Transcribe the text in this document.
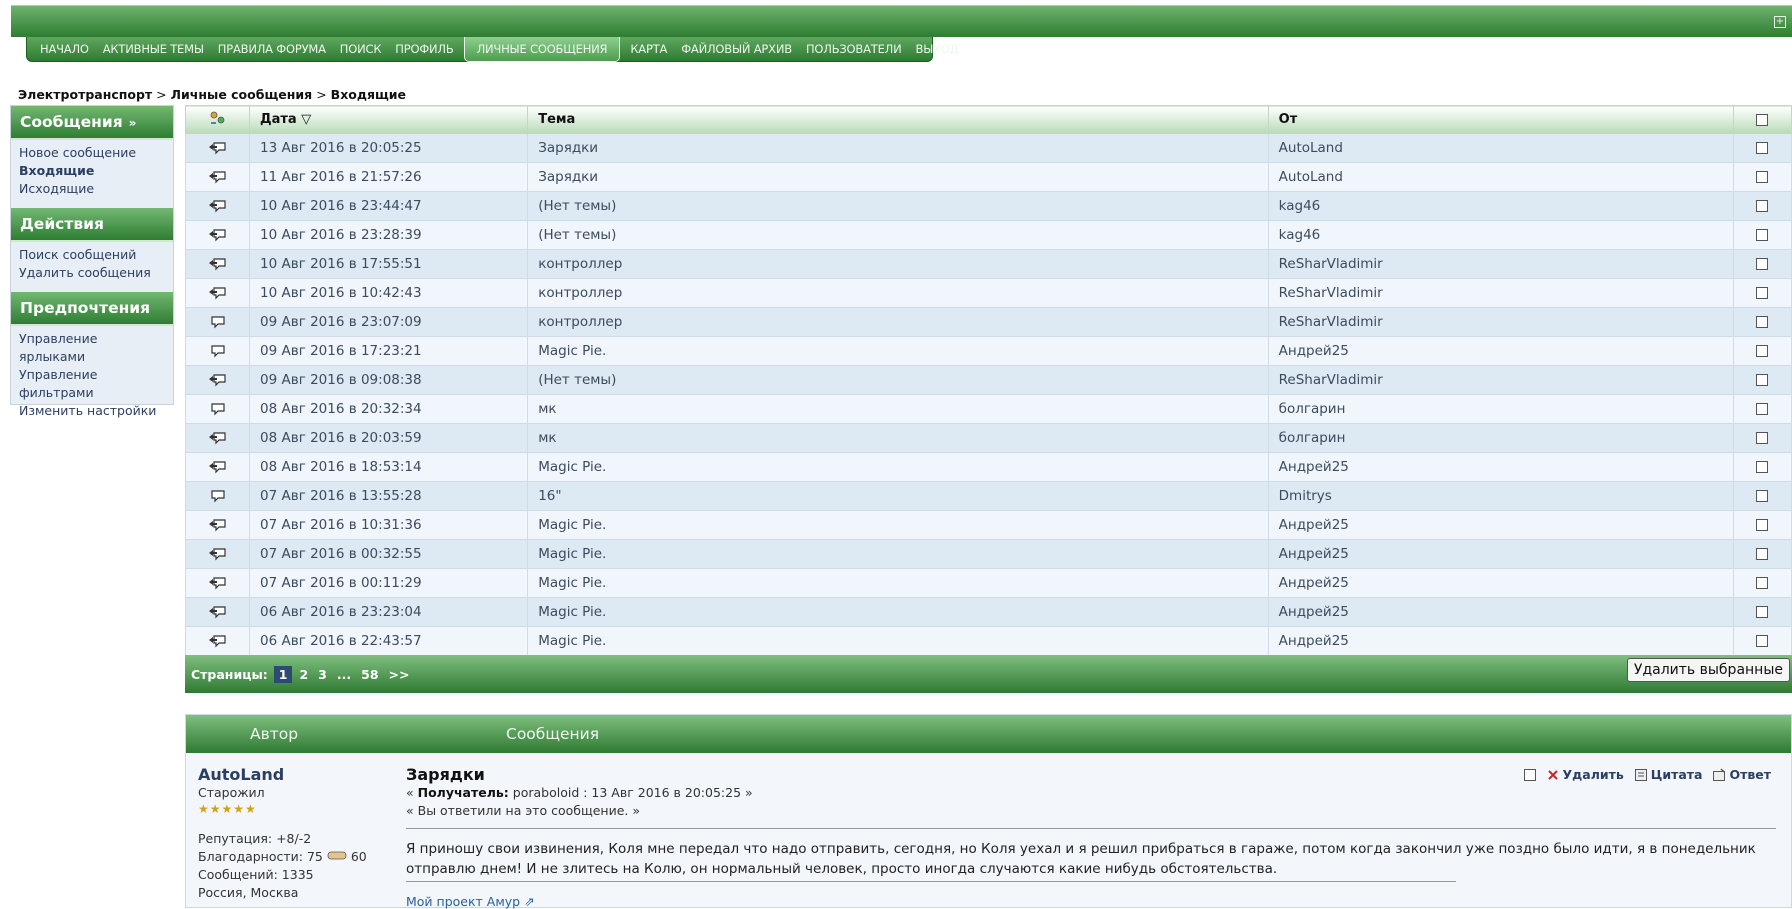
+
НАЧАЛО	АКТИВНЫЕ ТЕМЫ	ПРАВИЛА ФОРУМА	ПОИСК	ПРОФИЛЬ	ЛИЧНЫЕ СООБЩЕНИЯ	КАРТА	ФАЙЛОВЫЙ АРХИВ	ПОЛЬЗОВАТЕЛИ	ВЫХОД
Электротранспорт > Личные сообщения > Входящие
Сообщения »
Новое сообщение
Входящие
Исходящие
Действия
Поиск сообщений
Удалить сообщения
Предпочтения
Управление ярлыками
Управление фильтрами
Изменить настройки
	Дата ▽	Тема	От	
	13 Авг 2016 в 20:05:25	Зарядки	AutoLand	
	11 Авг 2016 в 21:57:26	Зарядки	AutoLand	
	10 Авг 2016 в 23:44:47	(Нет темы)	kag46	
	10 Авг 2016 в 23:28:39	(Нет темы)	kag46	
	10 Авг 2016 в 17:55:51	контроллер	ReSharVladimir	
	10 Авг 2016 в 10:42:43	контроллер	ReSharVladimir	
	09 Авг 2016 в 23:07:09	контроллер	ReSharVladimir	
	09 Авг 2016 в 17:23:21	Magic Pie.	Андрей25	
	09 Авг 2016 в 09:08:38	(Нет темы)	ReSharVladimir	
	08 Авг 2016 в 20:32:34	мк	болгарин	
	08 Авг 2016 в 20:03:59	мк	болгарин	
	08 Авг 2016 в 18:53:14	Magic Pie.	Андрей25	
	07 Авг 2016 в 13:55:28	16"	Dmitrys	
	07 Авг 2016 в 10:31:36	Magic Pie.	Андрей25	
	07 Авг 2016 в 00:32:55	Magic Pie.	Андрей25	
	07 Авг 2016 в 00:11:29	Magic Pie.	Андрей25	
	06 Авг 2016 в 23:23:04	Magic Pie.	Андрей25	
	06 Авг 2016 в 22:43:57	Magic Pie.	Андрей25	
Страницы: 1 2 3 ... 58 >>	Удалить выбранные
Автор	Сообщения
AutoLand
Старожил
★★★★★
Репутация: +8/-2
Благодарности: 75 60
Сообщений: 1335
Россия, Москва
Зарядки
« Получатель: poraboloid : 13 Авг 2016 в 20:05:25 »
« Вы ответили на это сообщение. »
Я приношу свои извинения, Коля мне передал что надо отправить, сегодня, но Коля уехал и я решил прибраться в гараже, потом когда закончил уже поздно было идти, я в понедельник отправлю днем! И не злитесь на Колю, он нормальный человек, просто иногда случаются какие нибудь обстоятельства.
Мой проект Амур ⇗
Удалить Цитата Ответ
